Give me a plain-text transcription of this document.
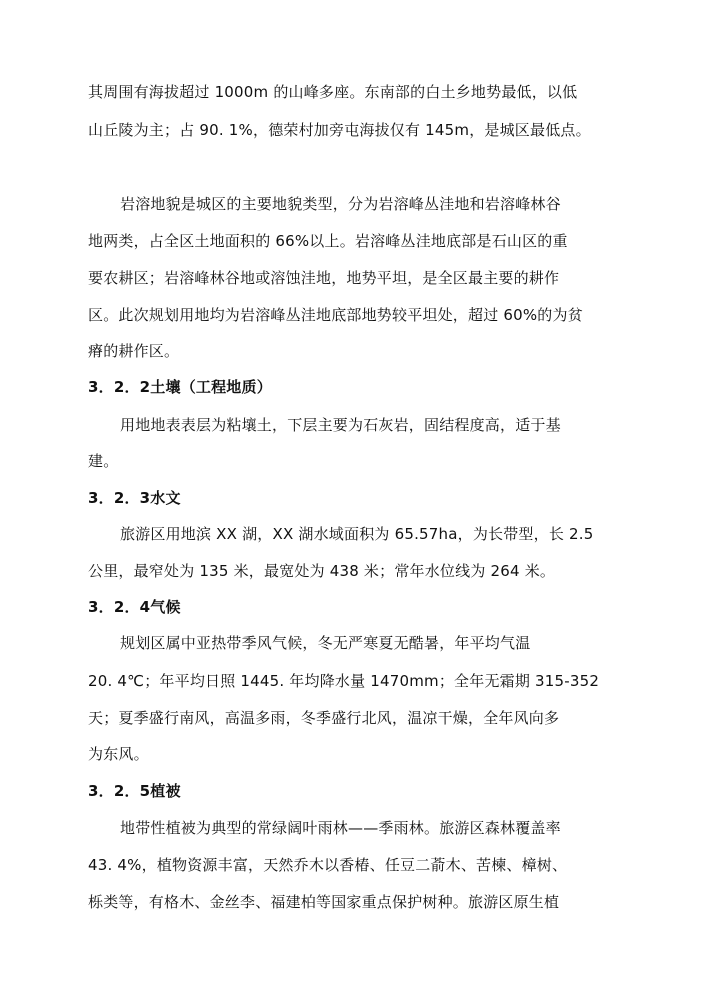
其周围有海拔超过 1000m 的山峰多座。东南部的白土乡地势最低，以低
山丘陵为主；占 90. 1%，德荣村加旁屯海拔仅有 145m，是城区最低点。
岩溶地貌是城区的主要地貌类型，分为岩溶峰丛洼地和岩溶峰林谷
地两类，占全区土地面积的 66%以上。岩溶峰丛洼地底部是石山区的重
要农耕区；岩溶峰林谷地或溶蚀洼地，地势平坦，是全区最主要的耕作
区。此次规划用地均为岩溶峰丛洼地底部地势较平坦处，超过 60%的为贫
瘠的耕作区。
3．2．2土壤（工程地质）
用地地表表层为粘壤土，下层主要为石灰岩，固结程度高，适于基
建。
3．2．3水文
旅游区用地滨 XX 湖，XX 湖水域面积为 65.57ha，为长带型，长 2.5
公里，最窄处为 135 米，最宽处为 438 米；常年水位线为 264 米。
3．2．4气候
规划区属中亚热带季风气候，冬无严寒夏无酷暑，年平均气温
20. 4℃；年平均日照 1445. 年均降水量 1470mm；全年无霜期 315-352
天；夏季盛行南风，高温多雨，冬季盛行北风，温凉干燥，全年风向多
为东风。
3．2．5植被
地带性植被为典型的常绿阔叶雨林——季雨林。旅游区森林覆盖率
43. 4%，植物资源丰富，天然乔木以香椿、任豆二萮木、苦楝、樟树、
栎类等，有格木、金丝李、福建柏等国家重点保护树种。旅游区原生植
